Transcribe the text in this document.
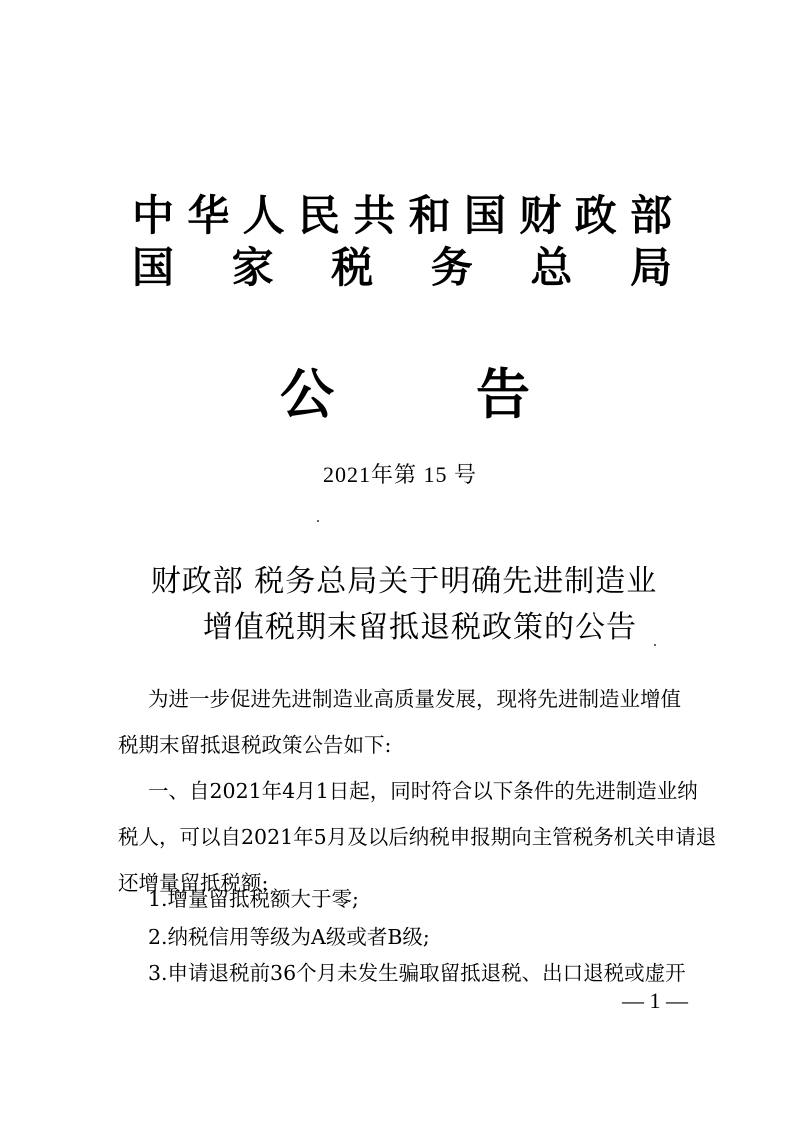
中 华 人 民 共 和 国 财 政 部
国 家 税 务 总 局
公	告
2021年第 15 号
财政部 税务总局关于明确先进制造业
增值税期末留抵退税政策的公告
为进一步促进先进制造业高质量发展，现将先进制造业增值
税期末留抵退税政策公告如下:
一、自2021年4月1日起，同时符合以下条件的先进制造业纳
税人，可以自2021年5月及以后纳税申报期向主管税务机关申请退
还增量留抵税额:
1.增量留抵税额大于零;
2.纳税信用等级为A级或者B级;
3.申请退税前36个月未发生骗取留抵退税、出口退税或虚开
— 1 —
